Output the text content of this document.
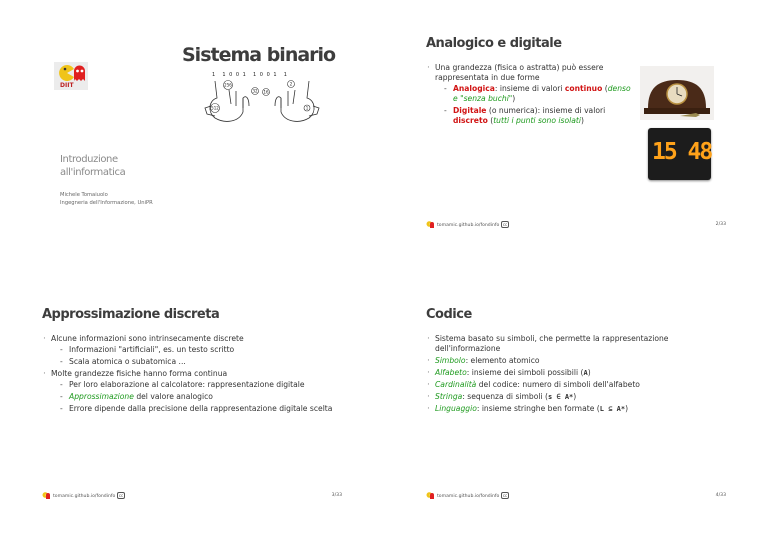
DIIT
Sistema binario
1  1 0 0 1  1 0 0 1  1
256
32 16
2
512	1
Introduzione
all'informatica
Michele Tomaiuolo
Ingegneria dell'Informazione, UniPR
Analogico e digitale
· Una grandezza (fisica o astratta) può essere rappresentata in due forme
- Analogica: insieme di valori continuo (denso e "senza buchi")
- Digitale (o numerica): insieme di valori discreto (tutti i punti sono isolati)
15 48
tomamic.github.io/fondinfo cc	2/33
Approssimazione discreta
· Alcune informazioni sono intrinsecamente discrete
- Informazioni "artificiali", es. un testo scritto
- Scala atomica o subatomica ...
· Molte grandezze fisiche hanno forma continua
- Per loro elaborazione al calcolatore: rappresentazione digitale
- Approssimazione del valore analogico
- Errore dipende dalla precisione della rappresentazione digitale scelta
tomamic.github.io/fondinfo cc	3/33
Codice
· Sistema basato su simboli, che permette la rappresentazione dell'informazione
· Simbolo: elemento atomico
· Alfabeto: insieme dei simboli possibili (A)
· Cardinalità del codice: numero di simboli dell'alfabeto
· Stringa: sequenza di simboli (s ∈ A*)
· Linguaggio: insieme stringhe ben formate (L ⊆ A*)
tomamic.github.io/fondinfo cc	4/33
